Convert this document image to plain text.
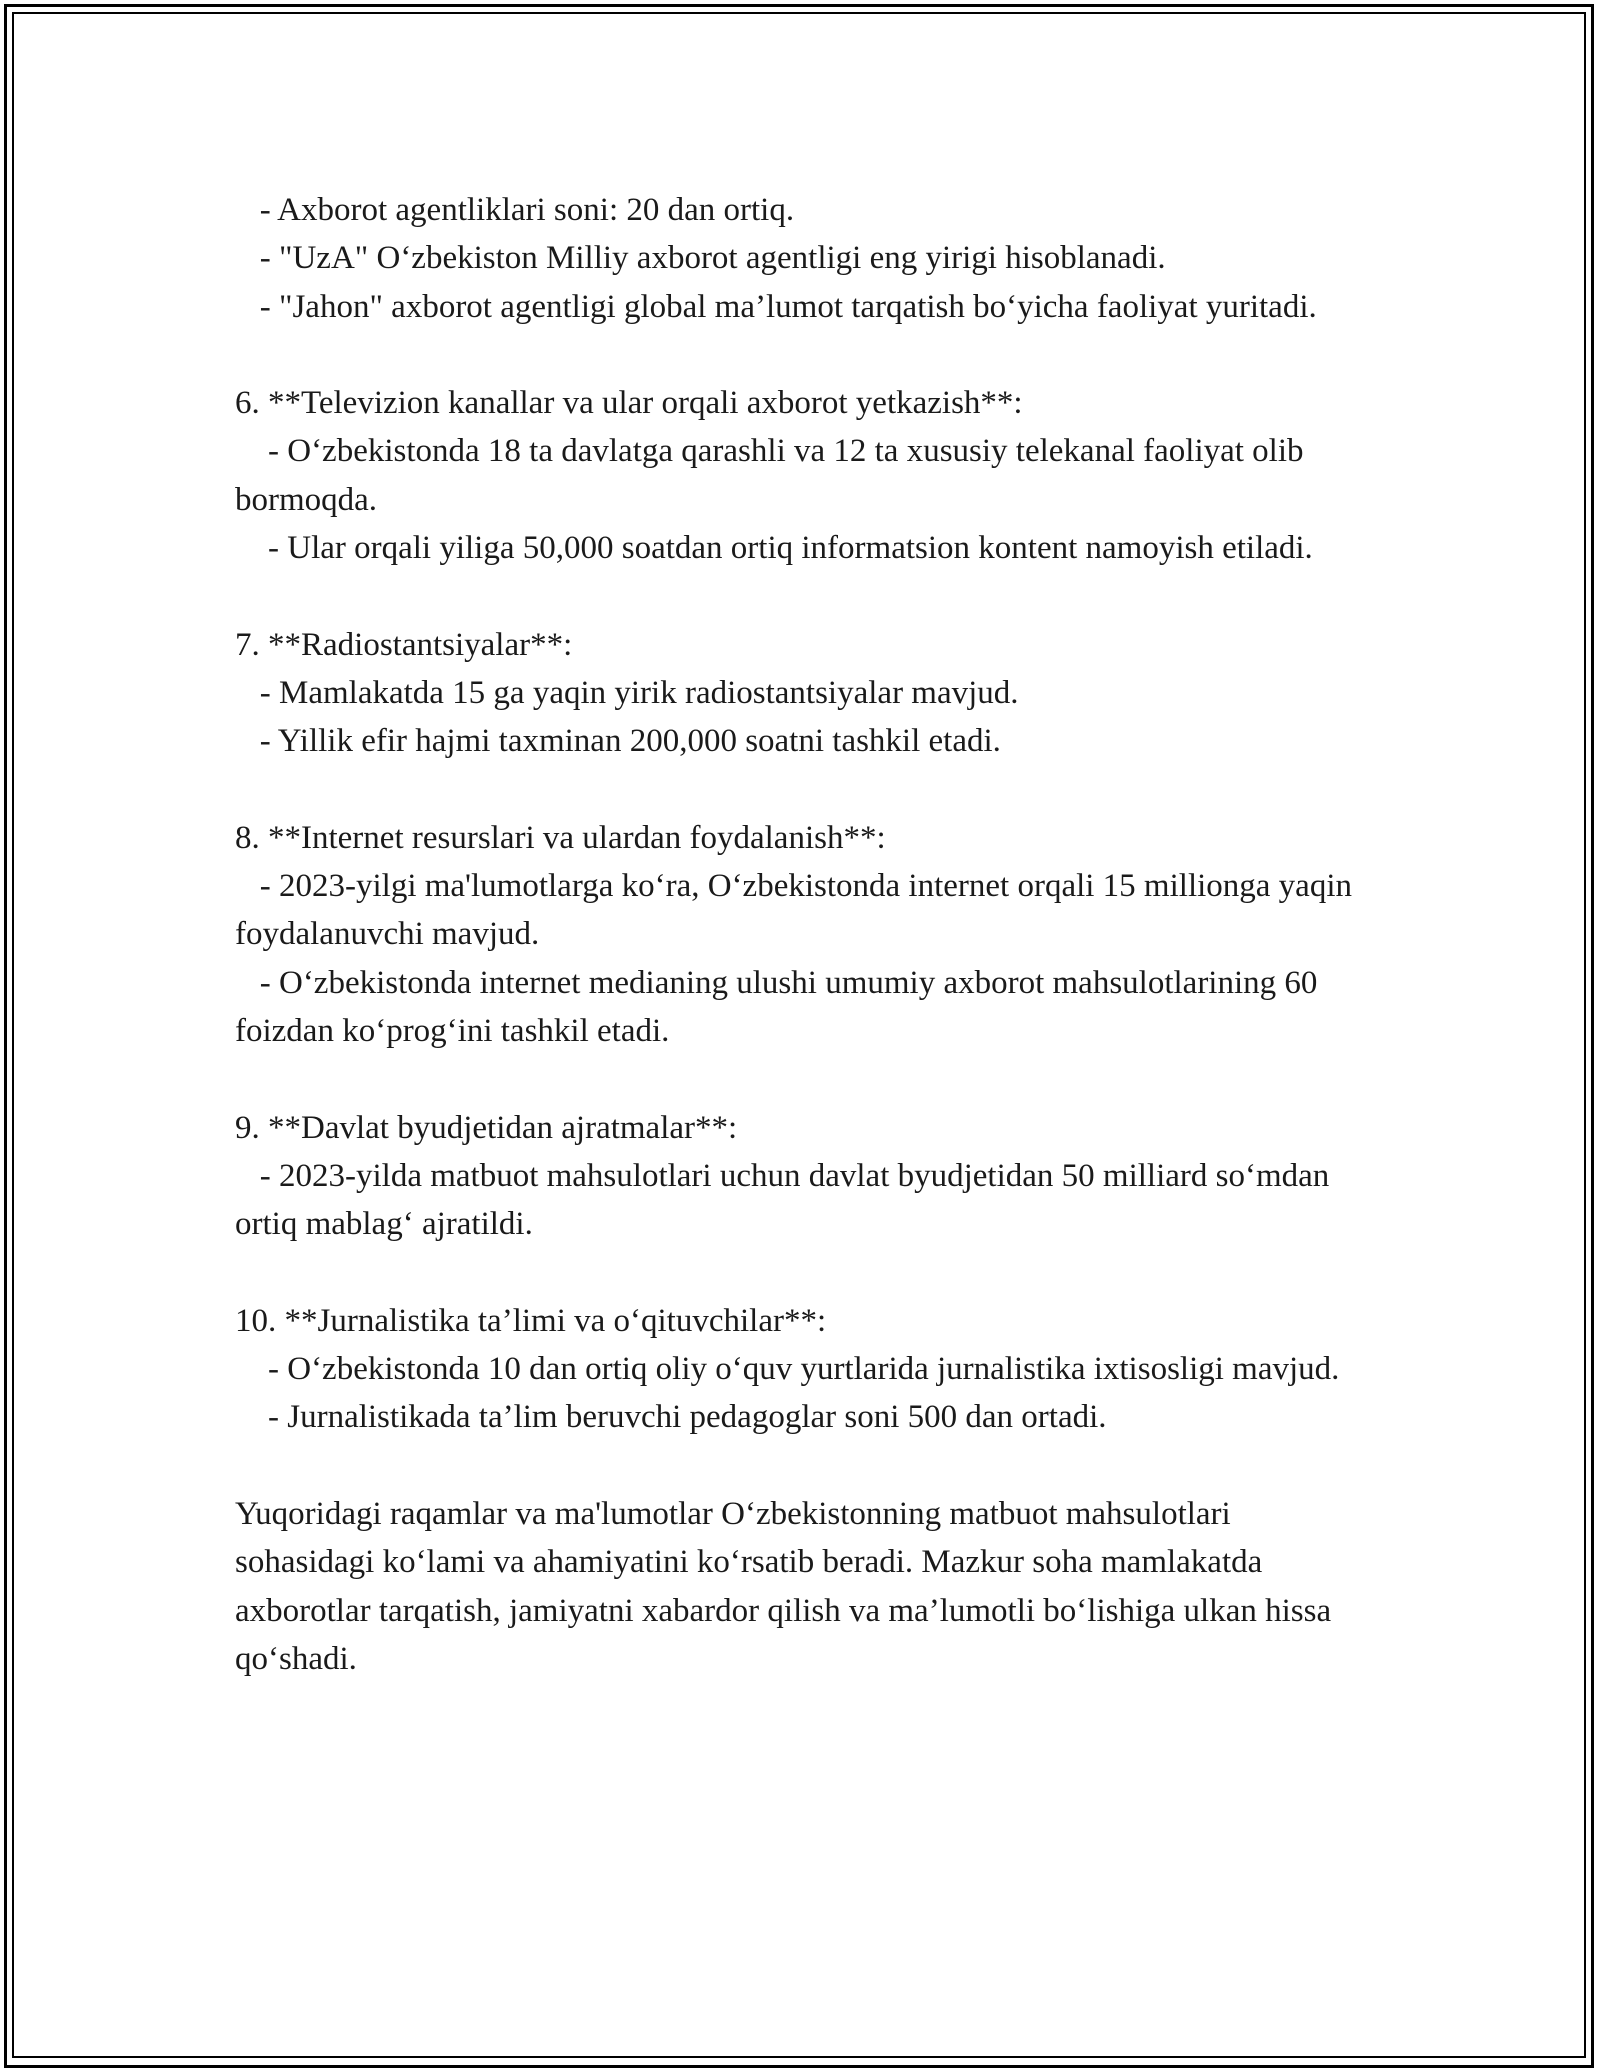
- Axborot agentliklari soni: 20 dan ortiq.

- "UzA" O‘zbekiston Milliy axborot agentligi eng yirigi hisoblanadi.

- "Jahon" axborot agentligi global ma’lumot tarqatish bo‘yicha faoliyat yuritadi.

6. **Televizion kanallar va ular orqali axborot yetkazish**:

- O‘zbekistonda 18 ta davlatga qarashli va 12 ta xususiy telekanal faoliyat olib bormoqda.

- Ular orqali yiliga 50,000 soatdan ortiq informatsion kontent namoyish etiladi.

7. **Radiostantsiyalar**:

- Mamlakatda 15 ga yaqin yirik radiostantsiyalar mavjud.

- Yillik efir hajmi taxminan 200,000 soatni tashkil etadi.

8. **Internet resurslari va ulardan foydalanish**:

- 2023-yilgi ma'lumotlarga ko‘ra, O‘zbekistonda internet orqali 15 millionga yaqin foydalanuvchi mavjud.

- O‘zbekistonda internet medianing ulushi umumiy axborot mahsulotlarining 60 foizdan ko‘prog‘ini tashkil etadi.

9. **Davlat byudjetidan ajratmalar**:

- 2023-yilda matbuot mahsulotlari uchun davlat byudjetidan 50 milliard so‘mdan ortiq mablag‘ ajratildi.

10. **Jurnalistika ta’limi va o‘qituvchilar**:

- O‘zbekistonda 10 dan ortiq oliy o‘quv yurtlarida jurnalistika ixtisosligi mavjud.

- Jurnalistikada ta’lim beruvchi pedagoglar soni 500 dan ortadi.

Yuqoridagi raqamlar va ma'lumotlar O‘zbekistonning matbuot mahsulotlari sohasidagi ko‘lami va ahamiyatini ko‘rsatib beradi. Mazkur soha mamlakatda axborotlar tarqatish, jamiyatni xabardor qilish va ma’lumotli bo‘lishiga ulkan hissa qo‘shadi.
